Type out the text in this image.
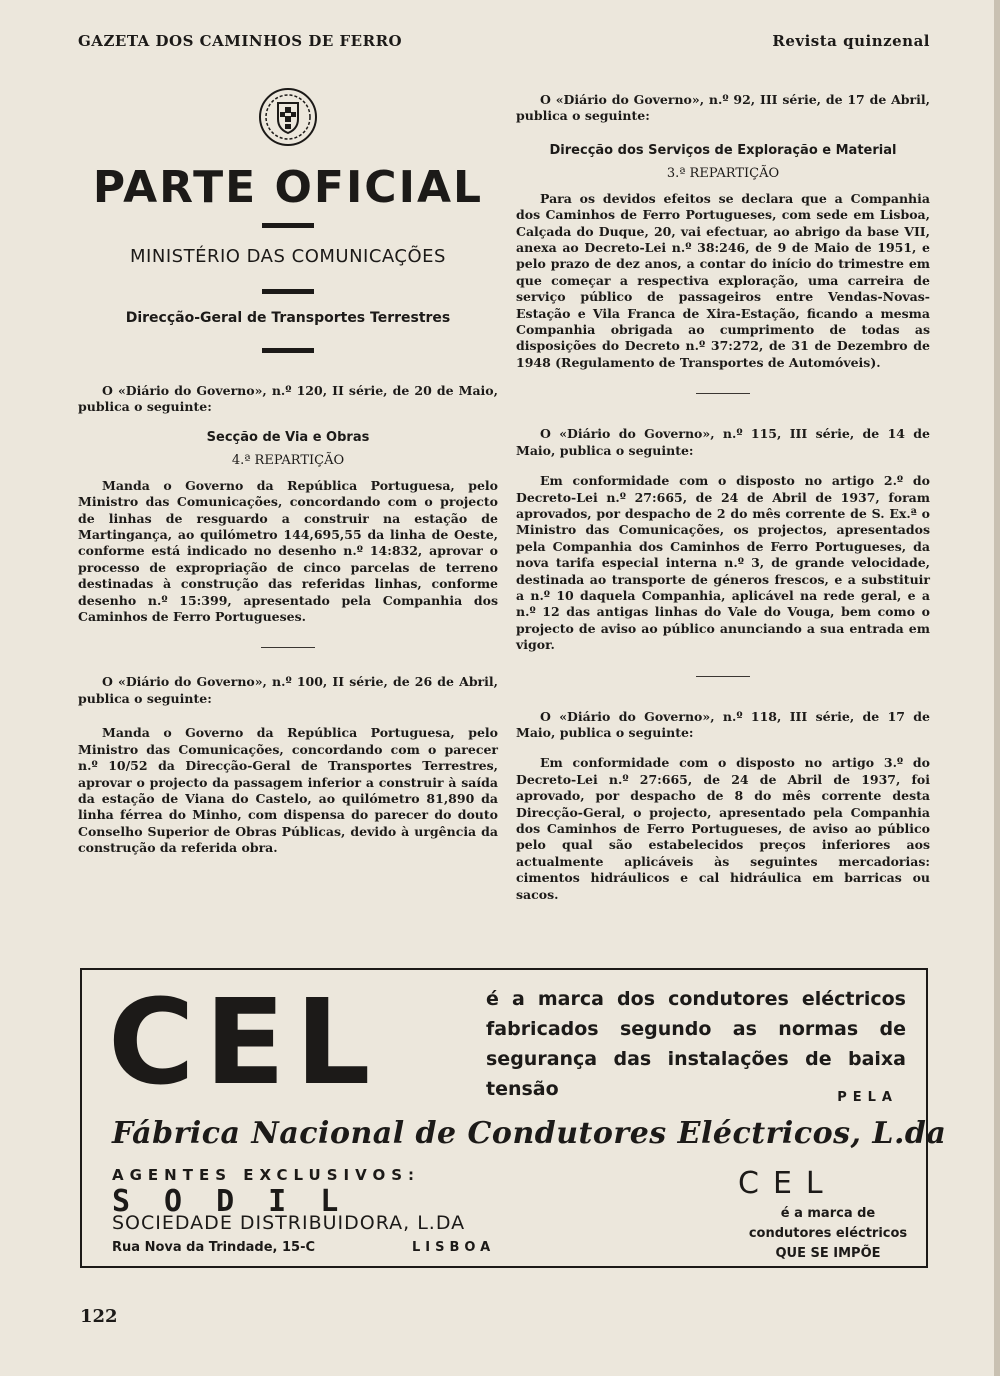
GAZETA DOS CAMINHOS DE FERRO	Revista quinzenal
PARTE OFICIAL
MINISTÉRIO DAS COMUNICAÇÕES
Direcção-Geral de Transportes Terrestres

O «Diário do Governo», n.º 120, II série, de 20 de Maio, publica o seguinte:

Secção de Via e Obras
4.ª REPARTIÇÃO

Manda o Governo da República Portuguesa, pelo Ministro das Comunicações, concordando com o projecto de linhas de resguardo a construir na estação de Martingança, ao quilómetro 144,695,55 da linha de Oeste, conforme está indicado no desenho n.º 14:832, aprovar o processo de expropriação de cinco parcelas de terreno destinadas à construção das referidas linhas, conforme desenho n.º 15:399, apresentado pela Companhia dos Caminhos de Ferro Portugueses.

O «Diário do Governo», n.º 100, II série, de 26 de Abril, publica o seguinte:

Manda o Governo da República Portuguesa, pelo Ministro das Comunicações, concordando com o parecer n.º 10/52 da Direcção-Geral de Transportes Terrestres, aprovar o projecto da passagem inferior a construir à saída da estação de Viana do Castelo, ao quilómetro 81,890 da linha férrea do Minho, com dispensa do parecer do douto Conselho Superior de Obras Públicas, devido à urgência da construção da referida obra.

O «Diário do Governo», n.º 92, III série, de 17 de Abril, publica o seguinte:

Direcção dos Serviços de Exploração e Material
3.ª REPARTIÇÃO

Para os devidos efeitos se declara que a Companhia dos Caminhos de Ferro Portugueses, com sede em Lisboa, Calçada do Duque, 20, vai efectuar, ao abrigo da base VII, anexa ao Decreto-Lei n.º 38:246, de 9 de Maio de 1951, e pelo prazo de dez anos, a contar do início do trimestre em que começar a respectiva exploração, uma carreira de serviço público de passageiros entre Vendas-Novas-Estação e Vila Franca de Xira-Estação, ficando a mesma Companhia obrigada ao cumprimento de todas as disposições do Decreto n.º 37:272, de 31 de Dezembro de 1948 (Regulamento de Transportes de Automóveis).

O «Diário do Governo», n.º 115, III série, de 14 de Maio, publica o seguinte:

Em conformidade com o disposto no artigo 2.º do Decreto-Lei n.º 27:665, de 24 de Abril de 1937, foram aprovados, por despacho de 2 do mês corrente de S. Ex.ª o Ministro das Comunicações, os projectos, apresentados pela Companhia dos Caminhos de Ferro Portugueses, da nova tarifa especial interna n.º 3, de grande velocidade, destinada ao transporte de géneros frescos, e a substituir a n.º 10 daquela Companhia, aplicável na rede geral, e a n.º 12 das antigas linhas do Vale do Vouga, bem como o projecto de aviso ao público anunciando a sua entrada em vigor.

O «Diário do Governo», n.º 118, III série, de 17 de Maio, publica o seguinte:

Em conformidade com o disposto no artigo 3.º do Decreto-Lei n.º 27:665, de 24 de Abril de 1937, foi aprovado, por despacho de 8 do mês corrente desta Direcção-Geral, o projecto, apresentado pela Companhia dos Caminhos de Ferro Portugueses, de aviso ao público pelo qual são estabelecidos preços inferiores aos actualmente aplicáveis às seguintes mercadorias: cimentos hidráulicos e cal hidráulica em barricas ou sacos.

CEL	é a marca dos condutores eléctricos fabricados segundo as normas de segurança das instalações de baixa tensão	PELA
Fábrica Nacional de Condutores Eléctricos, L.da
AGENTES EXCLUSIVOS:
SODIL
SOCIEDADE DISTRIBUIDORA, L.DA
Rua Nova da Trindade, 15-C	LISBOA
CEL
é a marca de condutores eléctricos QUE SE IMPÕE
122
